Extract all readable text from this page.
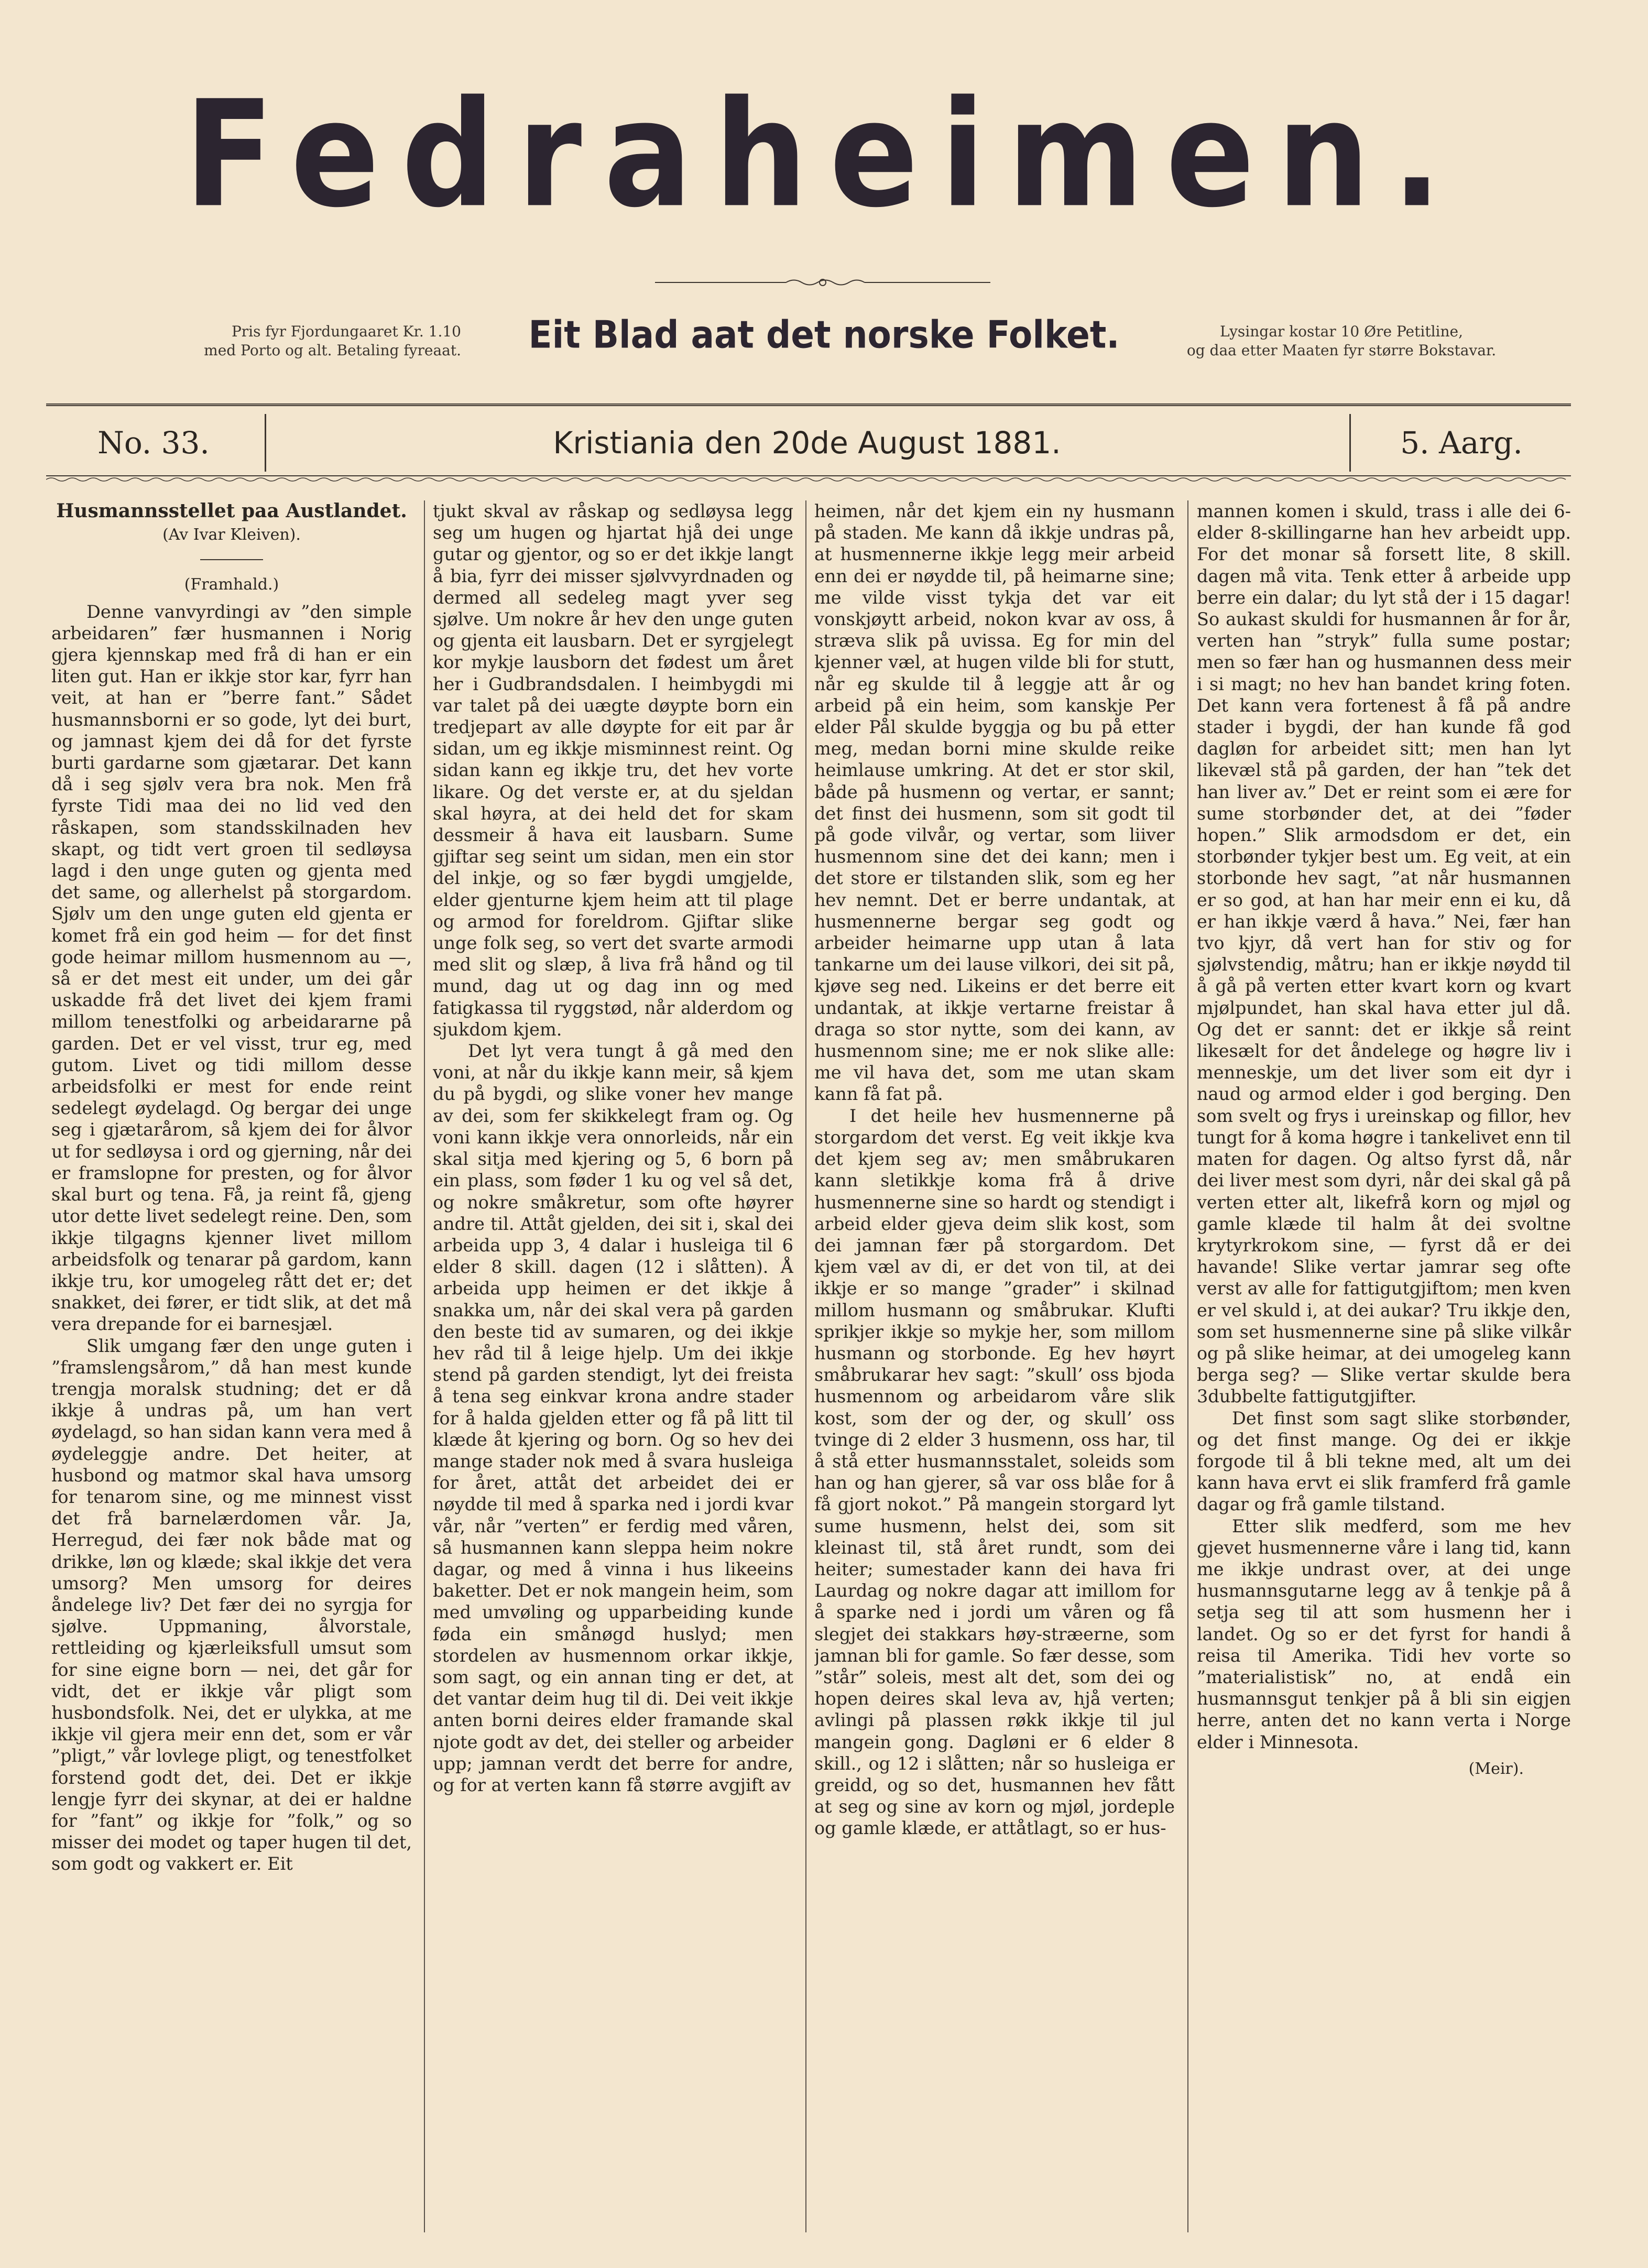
Fedraheimen.
Pris fyr Fjordungaaret Kr. 1.10
med Porto og alt. Betaling fyreaat.	Eit Blad aat det norske Folket.	Lysingar kostar 10 Øre Petitline,
og daa etter Maaten fyr større Bokstavar.
No. 33.	Kristiania den 20de August 1881.	5. Aarg.
Husmannsstellet paa Austlandet.
(Av Ivar Kleiven).
(Framhald.)

Denne vanvyrdingi av ”den simple arbeidaren” fær husmannen i Norig gjera kjennskap med frå di han er ein liten gut. Han er ikkje stor kar, fyrr han veit, at han er ”berre fant.” Sådet husmannsborni er so gode, lyt dei burt, og jamnast kjem dei då for det fyrste burti gardarne som gjætarar. Det kann då i seg sjølv vera bra nok. Men frå fyrste Tidi maa dei no lid ved den råskapen, som standsskilnaden hev skapt, og tidt vert groen til sedløysa lagd i den unge guten og gjenta med det same, og allerhelst på storgardom. Sjølv um den unge guten eld gjenta er komet frå ein god heim — for det finst gode heimar millom husmennom au —, så er det mest eit under, um dei går uskadde frå det livet dei kjem frami millom tenestfolki og arbeidararne på garden. Det er vel visst, trur eg, med gutom. Livet og tidi millom desse arbeidsfolki er mest for ende reint sedelegt øydelagd. Og bergar dei unge seg i gjætarårom, så kjem dei for ålvor ut for sedløysa i ord og gjerning, når dei er framslopne for presten, og for ålvor skal burt og tena. Få, ja reint få, gjeng utor dette livet sedelegt reine. Den, som ikkje tilgagns kjenner livet millom arbeidsfolk og tenarar på gardom, kann ikkje tru, kor umogeleg rått det er; det snakket, dei fører, er tidt slik, at det må vera drepande for ei barnesjæl.

Slik umgang fær den unge guten i ”framslengsårom,” då han mest kunde trengja moralsk studning; det er då ikkje å undras på, um han vert øydelagd, so han sidan kann vera med å øydeleggje andre. Det heiter, at husbond og matmor skal hava umsorg for tenarom sine, og me minnest visst det frå barnelærdomen vår. Ja, Herregud, dei fær nok både mat og drikke, løn og klæde; skal ikkje det vera umsorg? Men umsorg for deires åndelege liv? Det fær dei no syrgja for sjølve. Uppmaning, ålvorstale, rettleiding og kjærleiksfull umsut som for sine eigne born — nei, det går for vidt, det er ikkje vår pligt som husbondsfolk. Nei, det er ulykka, at me ikkje vil gjera meir enn det, som er vår ”pligt,” vår lovlege pligt, og tenestfolket forstend godt det, dei. Det er ikkje lengje fyrr dei skynar, at dei er haldne for ”fant” og ikkje for ”folk,” og so misser dei modet og taper hugen til det, som godt og vakkert er. Eit

tjukt skval av råskap og sedløysa legg seg um hugen og hjartat hjå dei unge gutar og gjentor, og so er det ikkje langt å bia, fyrr dei misser sjølvvyrdnaden og dermed all sedeleg magt yver seg sjølve. Um nokre år hev den unge guten og gjenta eit lausbarn. Det er syrgjelegt kor mykje lausborn det fødest um året her i Gudbrandsdalen. I heimbygdi mi var talet på dei uægte døypte born ein tredjepart av alle døypte for eit par år sidan, um eg ikkje misminnest reint. Og sidan kann eg ikkje tru, det hev vorte likare. Og det verste er, at du sjeldan skal høyra, at dei held det for skam dessmeir å hava eit lausbarn. Sume gjiftar seg seint um sidan, men ein stor del inkje, og so fær bygdi umgjelde, elder gjenturne kjem heim att til plage og armod for foreldrom. Gjiftar slike unge folk seg, so vert det svarte armodi med slit og slæp, å liva frå hånd og til mund, dag ut og dag inn og med fatigkassa til ryggstød, når alderdom og sjukdom kjem.

Det lyt vera tungt å gå med den voni, at når du ikkje kann meir, så kjem du på bygdi, og slike voner hev mange av dei, som fer skikkelegt fram og. Og voni kann ikkje vera onnorleids, når ein skal sitja med kjering og 5, 6 born på ein plass, som føder 1 ku og vel så det, og nokre småkretur, som ofte høyrer andre til. Attåt gjelden, dei sit i, skal dei arbeida upp 3, 4 dalar i husleiga til 6 elder 8 skill. dagen (12 i slåtten). Å arbeida upp heimen er det ikkje å snakka um, når dei skal vera på garden den beste tid av sumaren, og dei ikkje hev råd til å leige hjelp. Um dei ikkje stend på garden stendigt, lyt dei freista å tena seg einkvar krona andre stader for å halda gjelden etter og få på litt til klæde åt kjering og born. Og so hev dei mange stader nok med å svara husleiga for året, attåt det arbeidet dei er nøydde til med å sparka ned i jordi kvar vår, når ”verten” er ferdig med våren, så husmannen kann sleppa heim nokre dagar, og med å vinna i hus likeeins baketter. Det er nok mangein heim, som med umvøling og upparbeiding kunde føda ein smånøgd huslyd; men stordelen av husmennom orkar ikkje, som sagt, og ein annan ting er det, at det vantar deim hug til di. Dei veit ikkje anten borni deires elder framande skal njote godt av det, dei steller og arbeider upp; jamnan verdt det berre for andre, og for at verten kann få større avgjift av

heimen, når det kjem ein ny husmann på staden. Me kann då ikkje undras på, at husmennerne ikkje legg meir arbeid enn dei er nøydde til, på heimarne sine; me vilde visst tykja det var eit vonskjøytt arbeid, nokon kvar av oss, å stræva slik på uvissa. Eg for min del kjenner væl, at hugen vilde bli for stutt, når eg skulde til å leggje att år og arbeid på ein heim, som kanskje Per elder Pål skulde byggja og bu på etter meg, medan borni mine skulde reike heimlause umkring. At det er stor skil, både på husmenn og vertar, er sannt; det finst dei husmenn, som sit godt til på gode vilvår, og vertar, som liiver husmennom sine det dei kann; men i det store er tilstanden slik, som eg her hev nemnt. Det er berre undantak, at husmennerne bergar seg godt og arbeider heimarne upp utan å lata tankarne um dei lause vilkori, dei sit på, kjøve seg ned. Likeins er det berre eit undantak, at ikkje vertarne freistar å draga so stor nytte, som dei kann, av husmennom sine; me er nok slike alle: me vil hava det, som me utan skam kann få fat på.

I det heile hev husmennerne på storgardom det verst. Eg veit ikkje kva det kjem seg av; men småbrukaren kann sletikkje koma frå å drive husmennerne sine so hardt og stendigt i arbeid elder gjeva deim slik kost, som dei jamnan fær på storgardom. Det kjem væl av di, er det von til, at dei ikkje er so mange ”grader” i skilnad millom husmann og småbrukar. Klufti sprikjer ikkje so mykje her, som millom husmann og storbonde. Eg hev høyrt småbrukarar hev sagt: ”skull’ oss bjoda husmennom og arbeidarom våre slik kost, som der og der, og skull’ oss tvinge di 2 elder 3 husmenn, oss har, til å stå etter husmannsstalet, soleids som han og han gjerer, så var oss blåe for å få gjort nokot.” På mangein storgard lyt sume husmenn, helst dei, som sit kleinast til, stå året rundt, som dei heiter; sumestader kann dei hava fri Laurdag og nokre dagar att imillom for å sparke ned i jordi um våren og få slegjet dei stakkars høy-stræerne, som jamnan bli for gamle. So fær desse, som ”står” soleis, mest alt det, som dei og hopen deires skal leva av, hjå verten; avlingi på plassen røkk ikkje til jul mangein gong. Dagløni er 6 elder 8 skill., og 12 i slåtten; når so husleiga er greidd, og so det, husmannen hev fått at seg og sine av korn og mjøl, jordeple og gamle klæde, er attåtlagt, so er hus-

mannen komen i skuld, trass i alle dei 6- elder 8-skillingarne han hev arbeidt upp. For det monar så forsett lite, 8 skill. dagen må vita. Tenk etter å arbeide upp berre ein dalar; du lyt stå der i 15 dagar! So aukast skuldi for husmannen år for år, verten han ”stryk” fulla sume postar; men so fær han og husmannen dess meir i si magt; no hev han bandet kring foten. Det kann vera fortenest å få på andre stader i bygdi, der han kunde få god dagløn for arbeidet sitt; men han lyt likevæl stå på garden, der han ”tek det han liver av.” Det er reint som ei ære for sume storbønder det, at dei ”føder hopen.” Slik armodsdom er det, ein storbønder tykjer best um. Eg veit, at ein storbonde hev sagt, ”at når husmannen er so god, at han har meir enn ei ku, då er han ikkje værd å hava.” Nei, fær han tvo kjyr, då vert han for stiv og for sjølvstendig, måtru; han er ikkje nøydd til å gå på verten etter kvart korn og kvart mjølpundet, han skal hava etter jul då. Og det er sannt: det er ikkje så reint likesælt for det åndelege og høgre liv i menneskje, um det liver som eit dyr i naud og armod elder i god berging. Den som svelt og frys i ureinskap og fillor, hev tungt for å koma høgre i tankelivet enn til maten for dagen. Og altso fyrst då, når dei liver mest som dyri, når dei skal gå på verten etter alt, likefrå korn og mjøl og gamle klæde til halm åt dei svoltne krytyrkrokom sine, — fyrst då er dei havande! Slike vertar jamrar seg ofte verst av alle for fattigutgjiftom; men kven er vel skuld i, at dei aukar? Tru ikkje den, som set husmennerne sine på slike vilkår og på slike heimar, at dei umogeleg kann berga seg? — Slike vertar skulde bera 3dubbelte fattigutgjifter.

Det finst som sagt slike storbønder, og det finst mange. Og dei er ikkje forgode til å bli tekne med, alt um dei kann hava ervt ei slik framferd frå gamle dagar og frå gamle tilstand.

Etter slik medferd, som me hev gjevet husmennerne våre i lang tid, kann me ikkje undrast over, at dei unge husmannsgutarne legg av å tenkje på å setja seg til att som husmenn her i landet. Og so er det fyrst for handi å reisa til Amerika. Tidi hev vorte so ”materialistisk” no, at endå ein husmannsgut tenkjer på å bli sin eigjen herre, anten det no kann verta i Norge elder i Minnesota.

(Meir).
